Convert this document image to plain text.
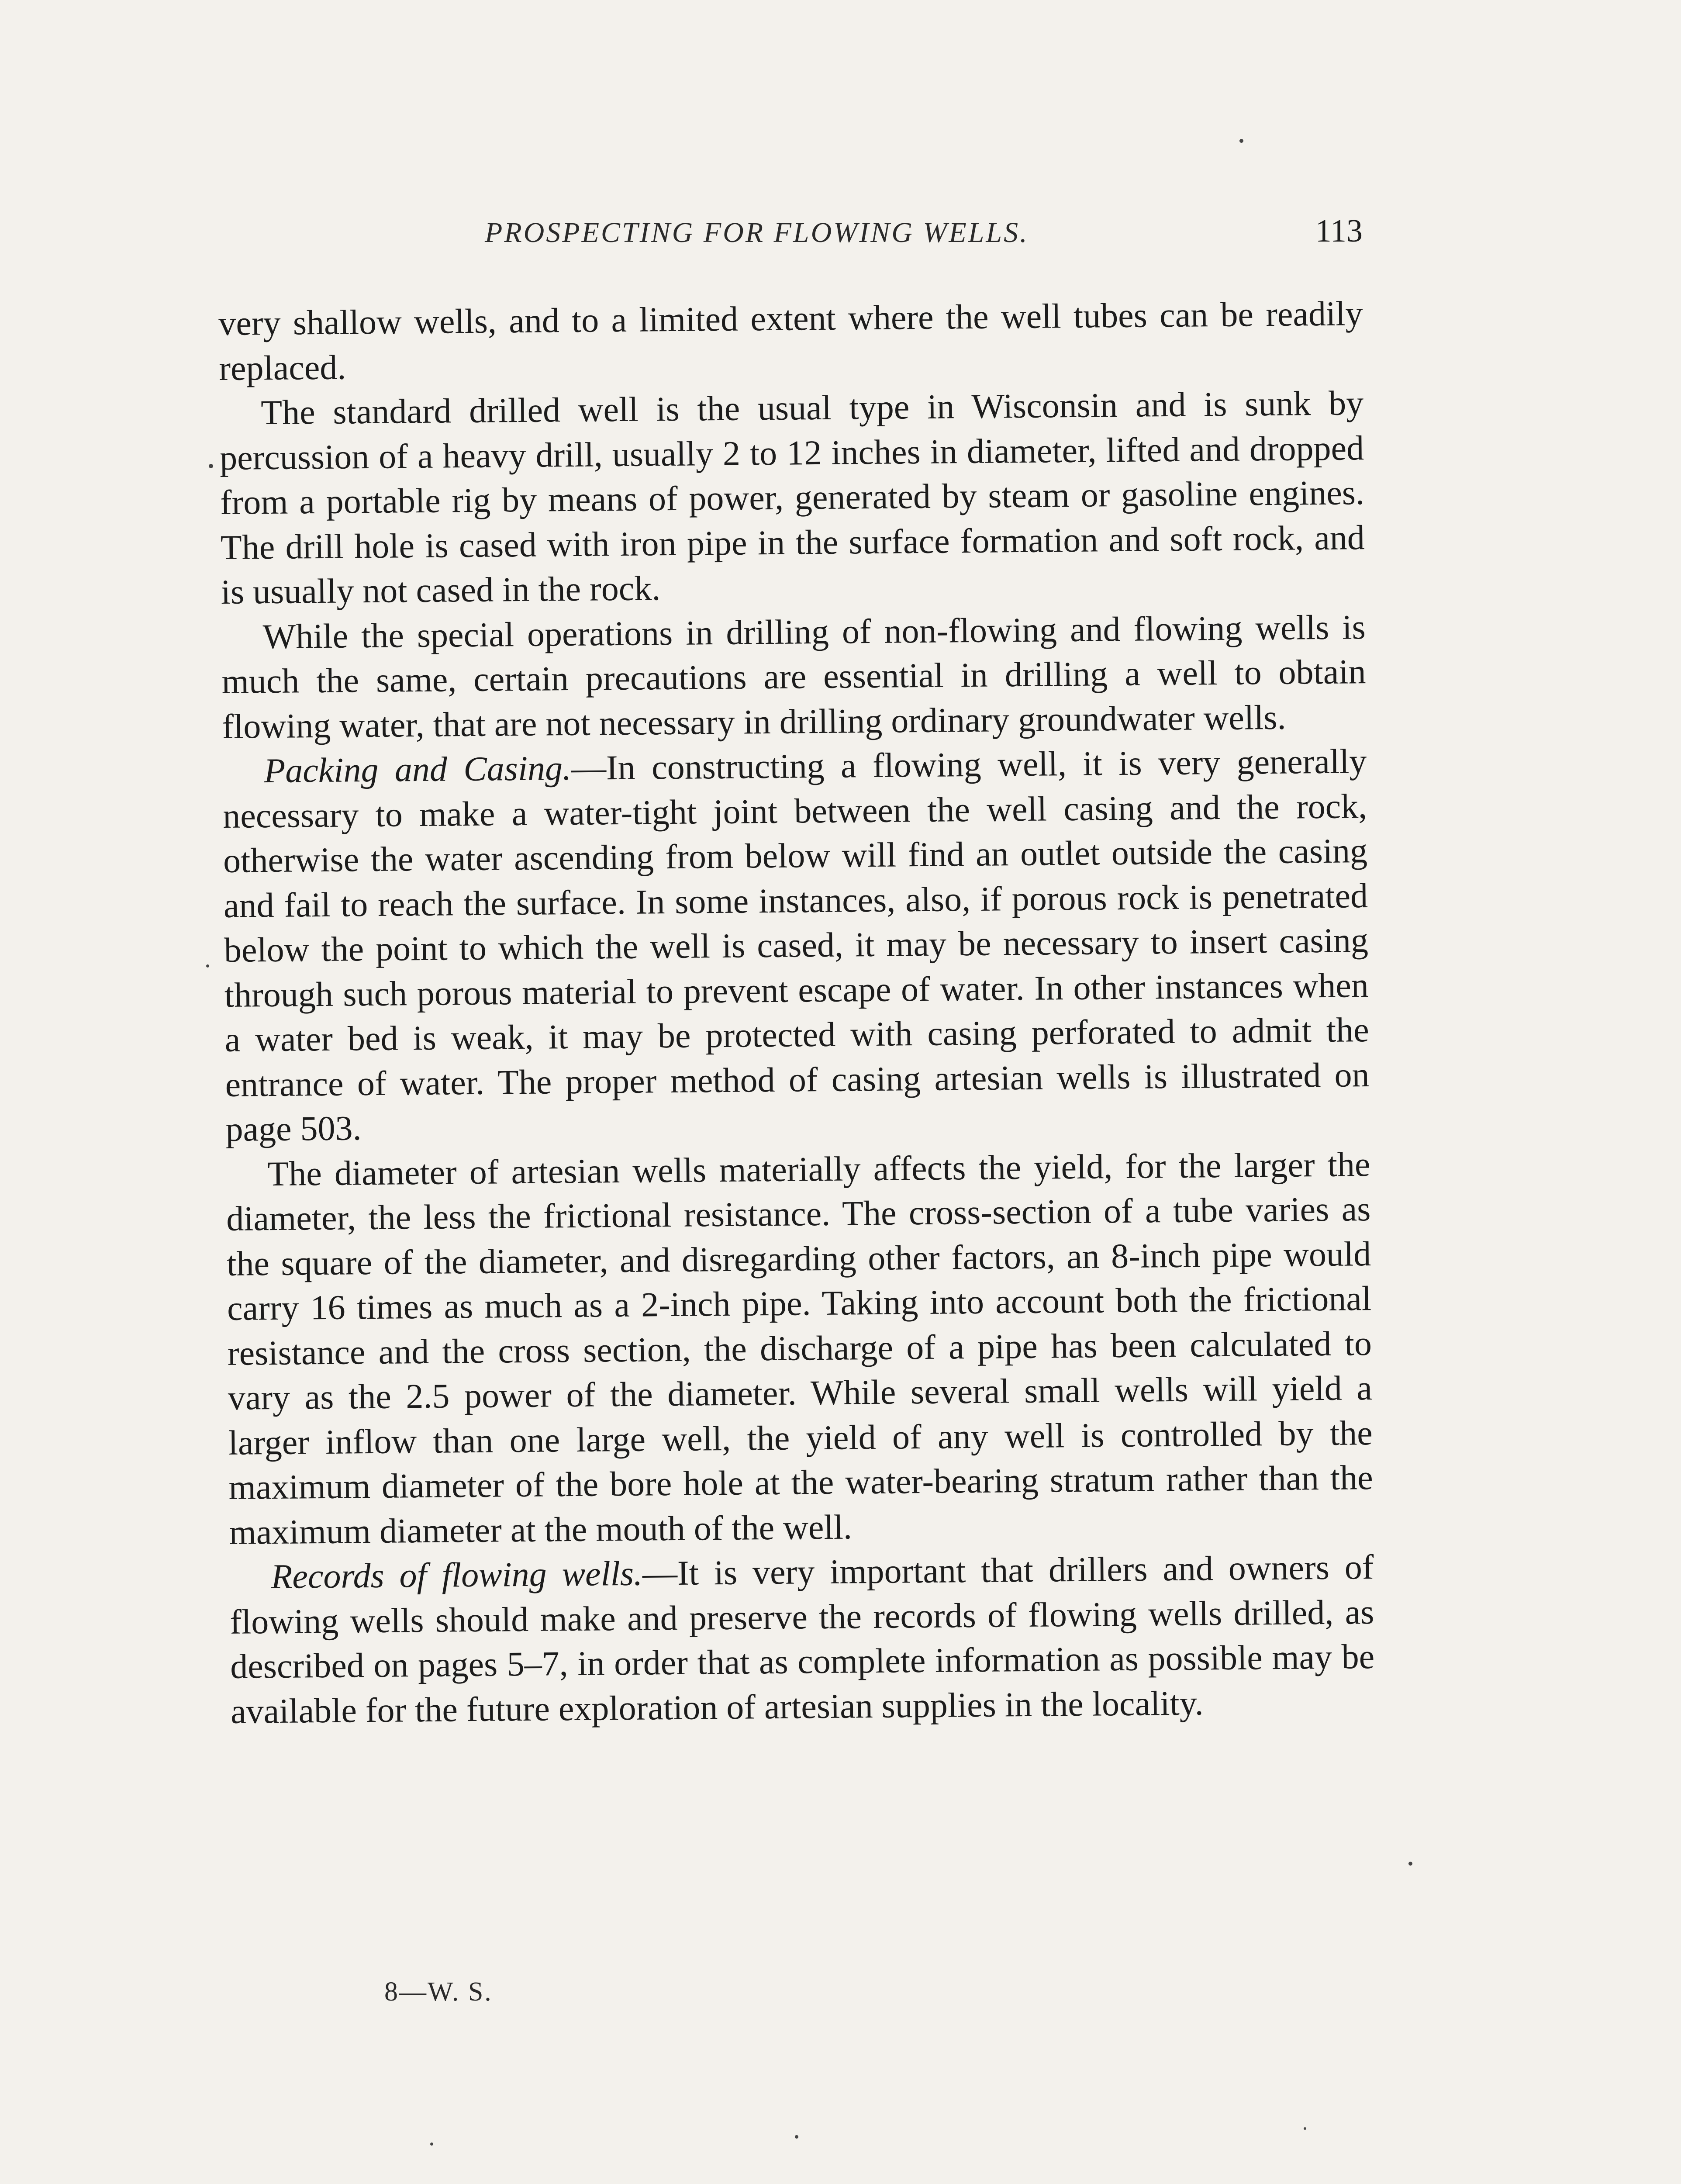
PROSPECTING FOR FLOWING WELLS.	113

very shallow wells, and to a limited extent where the well tubes can be readily replaced.

The standard drilled well is the usual type in Wisconsin and is sunk by percussion of a heavy drill, usually 2 to 12 inches in diameter, lifted and dropped from a portable rig by means of power, generated by steam or gasoline engines. The drill hole is cased with iron pipe in the surface formation and soft rock, and is usually not cased in the rock.

While the special operations in drilling of non-flowing and flowing wells is much the same, certain precautions are essential in drilling a well to obtain flowing water, that are not necessary in drilling ordinary groundwater wells.

Packing and Casing.—In constructing a flowing well, it is very generally necessary to make a water-tight joint between the well casing and the rock, otherwise the water ascending from below will find an outlet outside the casing and fail to reach the surface. In some instances, also, if porous rock is penetrated below the point to which the well is cased, it may be necessary to insert casing through such porous material to prevent escape of water. In other instances when a water bed is weak, it may be protected with casing perforated to admit the entrance of water. The proper method of casing artesian wells is illustrated on page 503.

The diameter of artesian wells materially affects the yield, for the larger the diameter, the less the frictional resistance. The cross-section of a tube varies as the square of the diameter, and disregarding other factors, an 8-inch pipe would carry 16 times as much as a 2-inch pipe. Taking into account both the frictional resistance and the cross section, the discharge of a pipe has been calculated to vary as the 2.5 power of the diameter. While several small wells will yield a larger inflow than one large well, the yield of any well is controlled by the maximum diameter of the bore hole at the water-bearing stratum rather than the maximum diameter at the mouth of the well.

Records of flowing wells.—It is very important that drillers and owners of flowing wells should make and preserve the records of flowing wells drilled, as described on pages 5–7, in order that as complete information as possible may be available for the future exploration of artesian supplies in the locality.

8—W. S.
